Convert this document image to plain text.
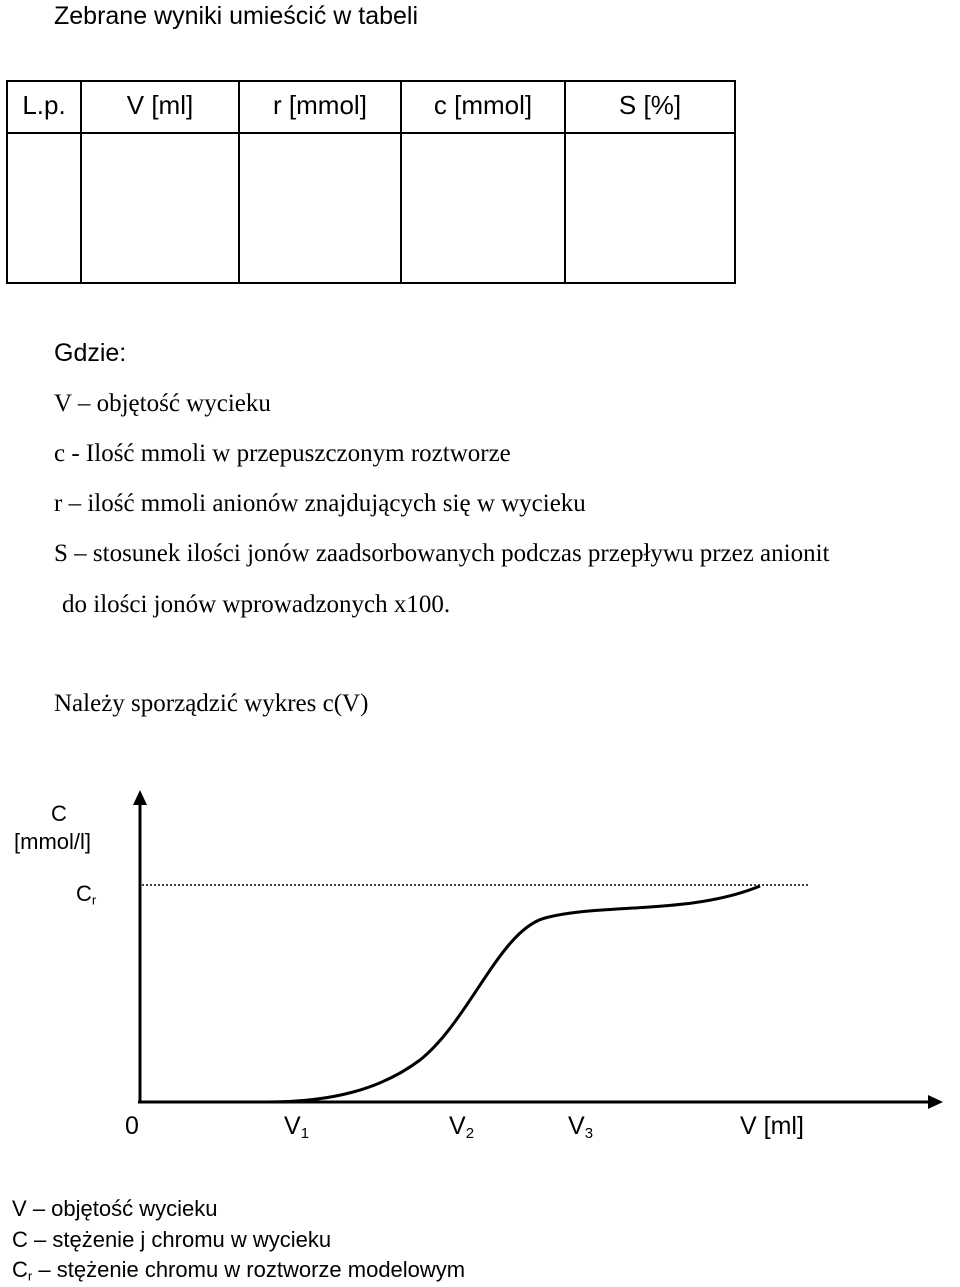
Zebrane wyniki umieścić w tabeli
L.p.	V [ml]	r [mmol]	c [mmol]	S [%]

Gdzie:
V – objętość wycieku
c - Ilość mmoli w przepuszczonym roztworze
r – ilość mmoli anionów znajdujących się w wycieku
S – stosunek ilości jonów zaadsorbowanych podczas przepływu przez anionit
do ilości jonów wprowadzonych x100.
Należy sporządzić wykres c(V)
C
[mmol/l]
$C_r$
0	$V_1$	$V_2$	$V_3$	V [ml]
V – objętość wycieku
C – stężenie j chromu w wycieku
$C_r$ – stężenie chromu w roztworze modelowym
